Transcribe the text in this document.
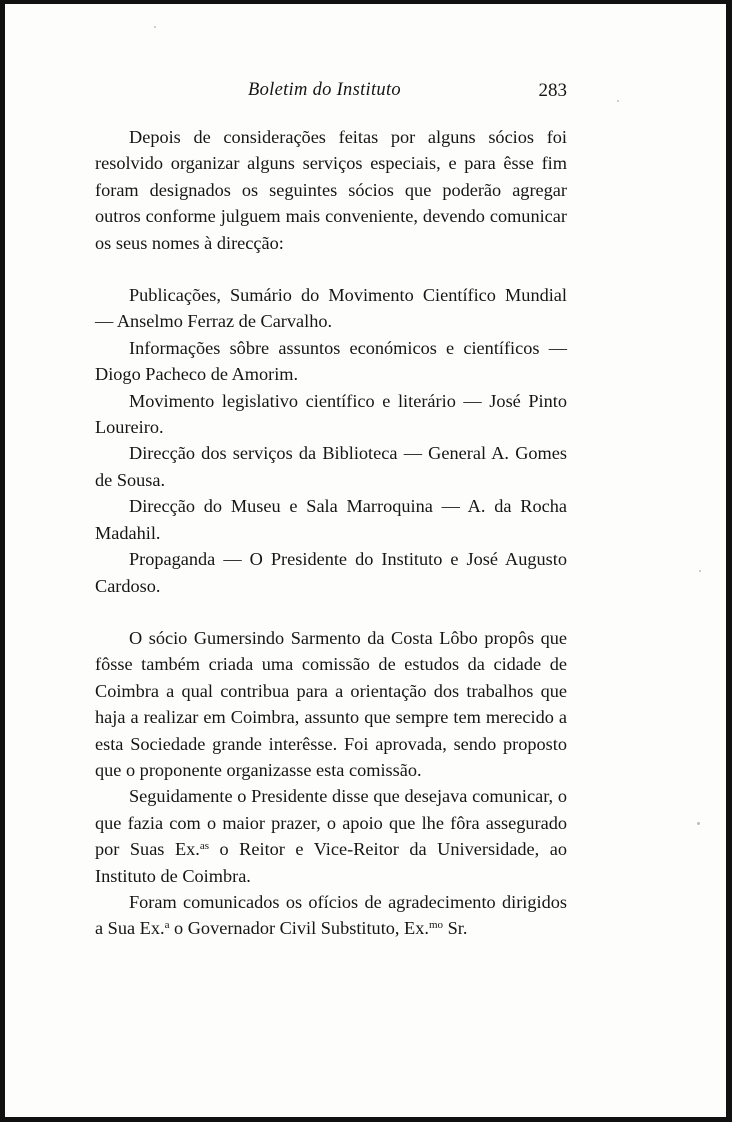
Boletim do Instituto	283

Depois de considerações feitas por alguns sócios foi resolvido organizar alguns serviços especiais, e para êsse fim foram designados os seguintes sócios que poderão agregar outros conforme julguem mais conveniente, devendo comunicar os seus nomes à direcção:

Publicações, Sumário do Movimento Científico Mundial — Anselmo Ferraz de Carvalho.

Informações sôbre assuntos económicos e científicos — Diogo Pacheco de Amorim.

Movimento legislativo científico e literário — José Pinto Loureiro.

Direcção dos serviços da Biblioteca — General A. Gomes de Sousa.

Direcção do Museu e Sala Marroquina — A. da Rocha Madahil.

Propaganda — O Presidente do Instituto e José Augusto Cardoso.

O sócio Gumersindo Sarmento da Costa Lôbo propôs que fôsse também criada uma comissão de estudos da cidade de Coimbra a qual contribua para a orientação dos trabalhos que haja a realizar em Coimbra, assunto que sempre tem merecido a esta Sociedade grande interêsse. Foi aprovada, sendo proposto que o proponente organizasse esta comissão.

Seguidamente o Presidente disse que desejava comunicar, o que fazia com o maior prazer, o apoio que lhe fôra assegurado por Suas Ex.$^{as}$ o Reitor e Vice-Reitor da Universidade, ao Instituto de Coimbra.

Foram comunicados os ofícios de agradecimento dirigidos a Sua Ex.$^a$ o Governador Civil Substituto, Ex.$^{mo}$ Sr.
